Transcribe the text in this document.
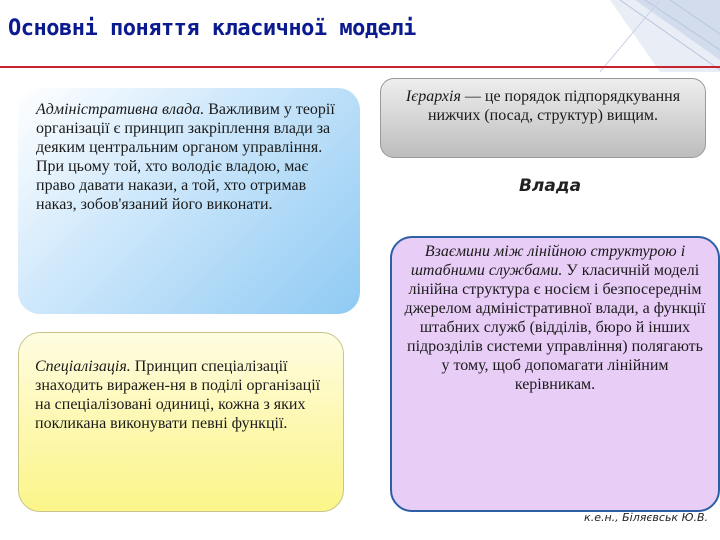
Основні поняття класичної моделі

Адміністративна влада. Важливим у теорії організації є принцип закріплення влади за деяким центральним органом управління. При цьому той, хто володіє владою, має право давати накази, а той, хто отримав наказ, зобов'язаний його виконати.

Спеціалізація. Принцип спеціалізації знаходить виражен-ня в поділі організації на спеціалізовані одиниці, кожна з яких покликана виконувати певні функції.

Ієрархія — це порядок підпорядкування нижчих (посад, структур) вищим.

Влада

Взаємини між лінійною структурою і штабними службами. У класичній моделі лінійна структура є носієм і безпосереднім джерелом адміністративної влади, а функції штабних служб (відділів, бюро й інших підрозділів системи управління) полягають у тому, щоб допомагати лінійним керівникам.

к.е.н., Біляєвськ Ю.В.
